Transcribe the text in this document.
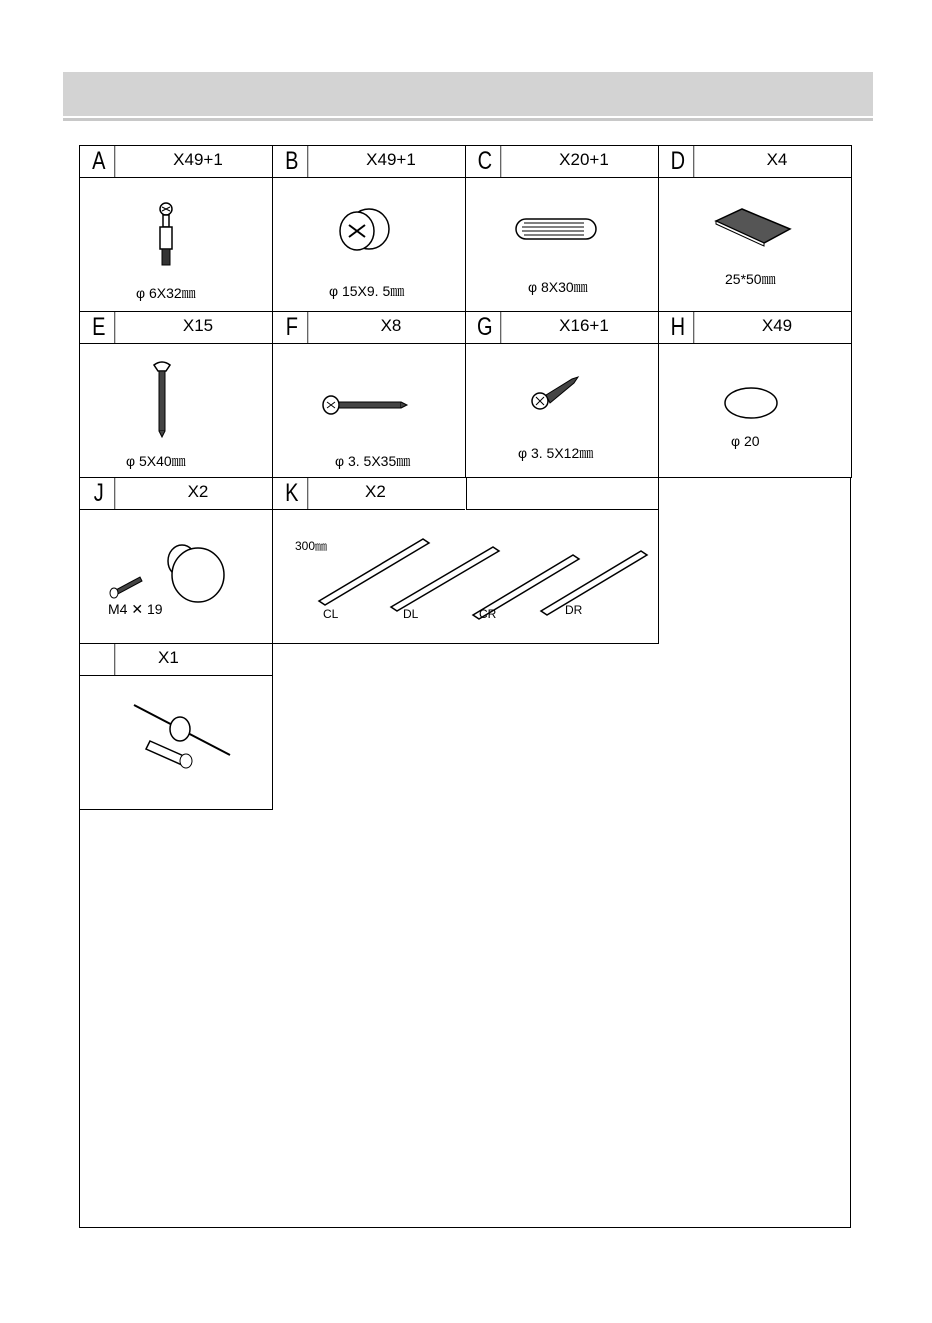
A	X49+1
φ 6X32㎜
B	X49+1
φ 15X9. 5㎜
C	X20+1
φ 8X30㎜
D	X4
25*50㎜
E	X15
φ 5X40㎜
F	X8
φ 3. 5X35㎜
G	X16+1
φ 3. 5X12㎜
H	X49
φ 20
J	X2
M4 ✕ 19
K	X2
300㎜
CL	DL	CR	DR
X1
